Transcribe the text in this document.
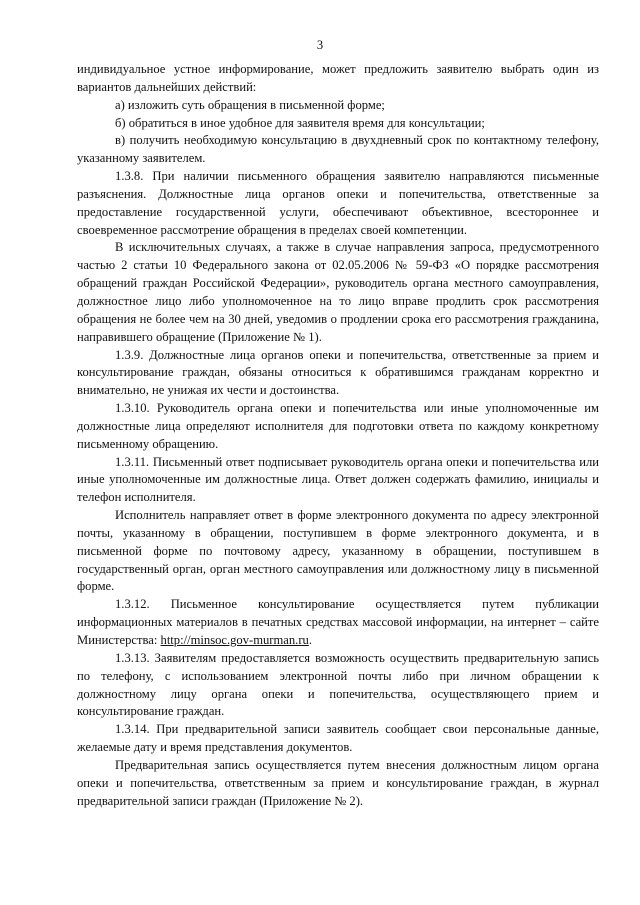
3

индивидуальное устное информирование, может предложить заявителю выбрать один из вариантов дальнейших действий:

а) изложить суть обращения в письменной форме;

б) обратиться в иное удобное для заявителя время для консультации;

в) получить необходимую консультацию в двухдневный срок по контактному телефону, указанному заявителем.

1.3.8. При наличии письменного обращения заявителю направляются письменные разъяснения. Должностные лица органов опеки и попечительства, ответственные за предоставление государственной услуги, обеспечивают объективное, всестороннее и своевременное рассмотрение обращения в пределах своей компетенции.

В исключительных случаях, а также в случае направления запроса, предусмотренного частью 2 статьи 10 Федерального закона от 02.05.2006 № 59-ФЗ «О порядке рассмотрения обращений граждан Российской Федерации», руководитель органа местного самоуправления, должностное лицо либо уполномоченное на то лицо вправе продлить срок рассмотрения обращения не более чем на 30 дней, уведомив о продлении срока его рассмотрения гражданина, направившего обращение (Приложение № 1).

1.3.9. Должностные лица органов опеки и попечительства, ответственные за прием и консультирование граждан, обязаны относиться к обратившимся гражданам корректно и внимательно, не унижая их чести и достоинства.

1.3.10. Руководитель органа опеки и попечительства или иные уполномоченные им должностные лица определяют исполнителя для подготовки ответа по каждому конкретному письменному обращению.

1.3.11. Письменный ответ подписывает руководитель органа опеки и попечительства или иные уполномоченные им должностные лица. Ответ должен содержать фамилию, инициалы и телефон исполнителя.

Исполнитель направляет ответ в форме электронного документа по адресу электронной почты, указанному в обращении, поступившем в форме электронного документа, и в письменной форме по почтовому адресу, указанному в обращении, поступившем в государственный орган, орган местного самоуправления или должностному лицу в письменной форме.

1.3.12. Письменное консультирование осуществляется путем публикации информационных материалов в печатных средствах массовой информации, на интернет – сайте Министерства: http://minsoc.gov-murman.ru.

1.3.13. Заявителям предоставляется возможность осуществить предварительную запись по телефону, с использованием электронной почты либо при личном обращении к должностному лицу органа опеки и попечительства, осуществляющего прием и консультирование граждан.

1.3.14. При предварительной записи заявитель сообщает свои персональные данные, желаемые дату и время представления документов.

Предварительная запись осуществляется путем внесения должностным лицом органа опеки и попечительства, ответственным за прием и консультирование граждан, в журнал предварительной записи граждан (Приложение № 2).
